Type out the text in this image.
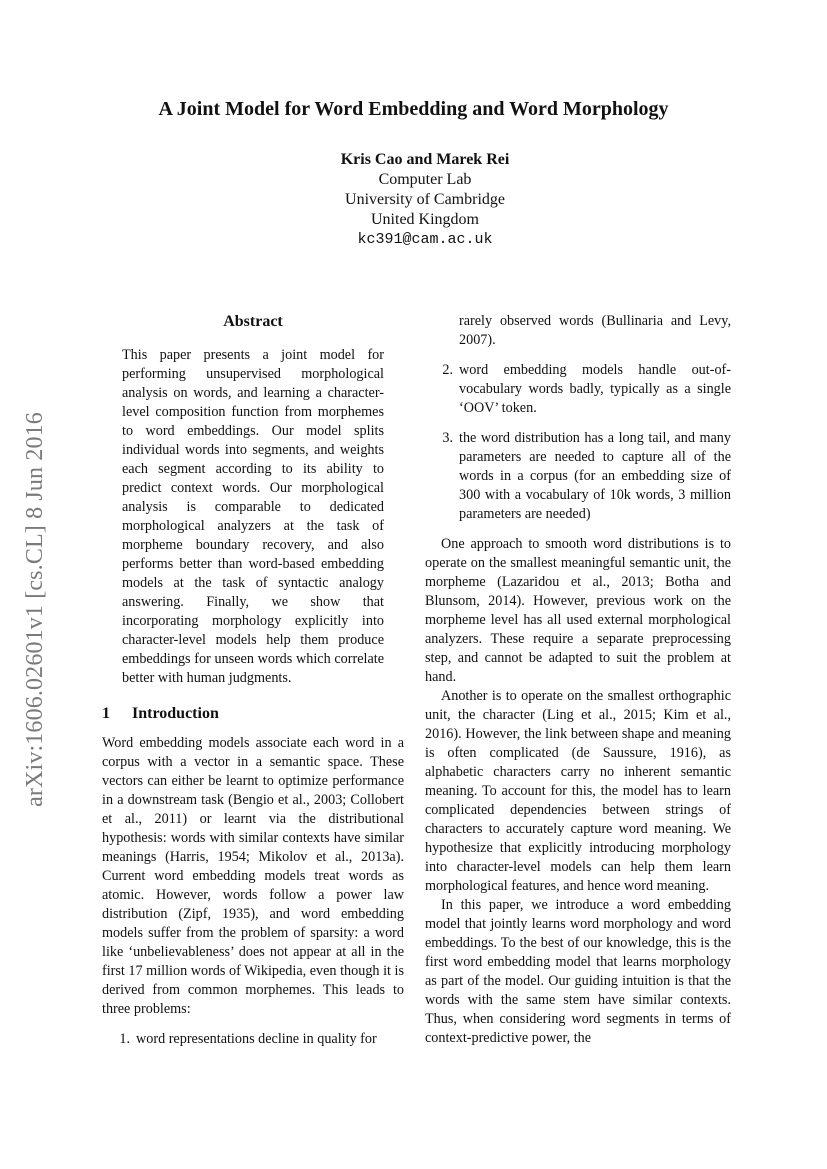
arXiv:1606.02601v1 [cs.CL] 8 Jun 2016
A Joint Model for Word Embedding and Word Morphology
Kris Cao and Marek Rei
Computer Lab
University of Cambridge
United Kingdom
kc391@cam.ac.uk
Abstract

This paper presents a joint model for performing unsupervised morphological analysis on words, and learning a character-level composition function from morphemes to word embeddings. Our model splits individual words into segments, and weights each segment according to its ability to predict context words. Our morphological analysis is comparable to dedicated morphological analyzers at the task of morpheme boundary recovery, and also performs better than word-based embedding models at the task of syntactic analogy answering. Finally, we show that incorporating morphology explicitly into character-level models help them produce embeddings for unseen words which correlate better with human judgments.

1 Introduction

Word embedding models associate each word in a corpus with a vector in a semantic space. These vectors can either be learnt to optimize performance in a downstream task (Bengio et al., 2003; Collobert et al., 2011) or learnt via the distributional hypothesis: words with similar contexts have similar meanings (Harris, 1954; Mikolov et al., 2013a). Current word embedding models treat words as atomic. However, words follow a power law distribution (Zipf, 1935), and word embedding models suffer from the problem of sparsity: a word like ‘unbelievableness’ does not appear at all in the first 17 million words of Wikipedia, even though it is derived from common morphemes. This leads to three problems:

1. word representations decline in quality for

rarely observed words (Bullinaria and Levy, 2007).

2. word embedding models handle out-of-vocabulary words badly, typically as a single ‘OOV’ token.
3. the word distribution has a long tail, and many parameters are needed to capture all of the words in a corpus (for an embedding size of 300 with a vocabulary of 10k words, 3 million parameters are needed)

One approach to smooth word distributions is to operate on the smallest meaningful semantic unit, the morpheme (Lazaridou et al., 2013; Botha and Blunsom, 2014). However, previous work on the morpheme level has all used external morphological analyzers. These require a separate preprocessing step, and cannot be adapted to suit the problem at hand.

Another is to operate on the smallest orthographic unit, the character (Ling et al., 2015; Kim et al., 2016). However, the link between shape and meaning is often complicated (de Saussure, 1916), as alphabetic characters carry no inherent semantic meaning. To account for this, the model has to learn complicated dependencies between strings of characters to accurately capture word meaning. We hypothesize that explicitly introducing morphology into character-level models can help them learn morphological features, and hence word meaning.

In this paper, we introduce a word embedding model that jointly learns word morphology and word embeddings. To the best of our knowledge, this is the first word embedding model that learns morphology as part of the model. Our guiding intuition is that the words with the same stem have similar contexts. Thus, when considering word segments in terms of context-predictive power, the
